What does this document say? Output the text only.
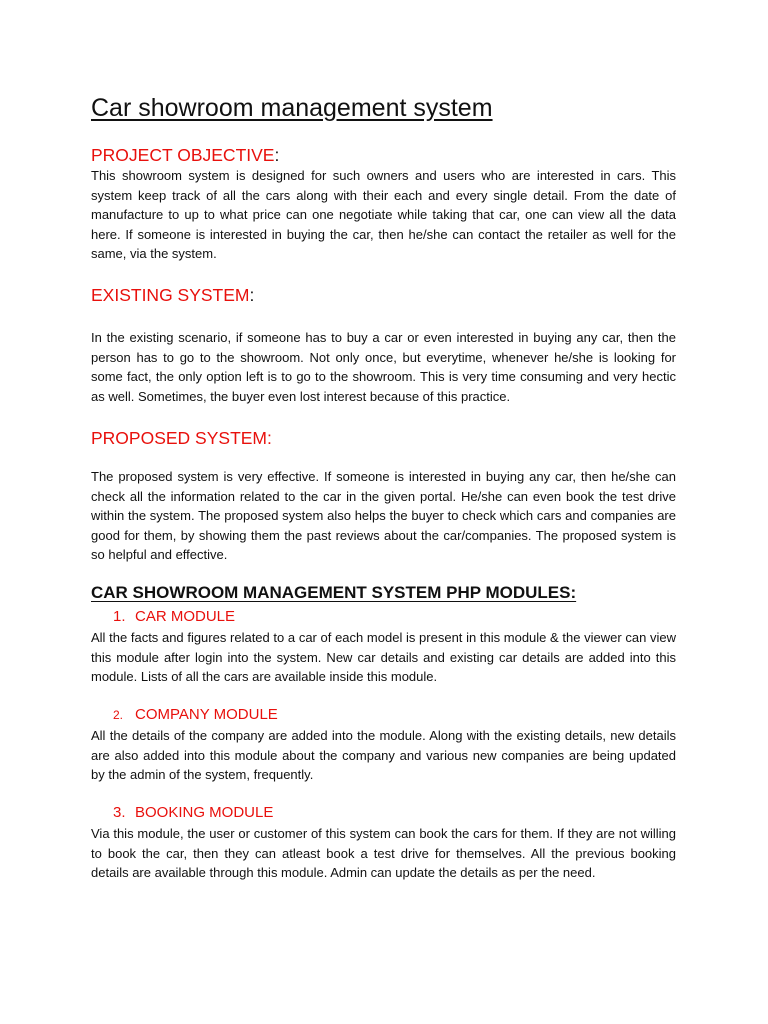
Car showroom management system
PROJECT OBJECTIVE:

This showroom system is designed for such owners and users who are interested in cars. This system keep track of all the cars along with their each and every single detail. From the date of manufacture to up to what price can one negotiate while taking that car, one can view all the data here. If someone is interested in buying the car, then he/she can contact the retailer as well for the same, via the system.

EXISTING SYSTEM:

In the existing scenario, if someone has to buy a car or even interested in buying any car, then the person has to go to the showroom. Not only once, but everytime, whenever he/she is looking for some fact, the only option left is to go to the showroom. This is very time consuming and very hectic as well. Sometimes, the buyer even lost interest because of this practice.

PROPOSED SYSTEM:

The proposed system is very effective. If someone is interested in buying any car, then he/she can check all the information related to the car in the given portal. He/she can even book the test drive within the system. The proposed system also helps the buyer to check which cars and companies are good for them, by showing them the past reviews about the car/companies. The proposed system is so helpful and effective.

CAR SHOWROOM MANAGEMENT SYSTEM PHP MODULES:
1. CAR MODULE

All the facts and figures related to a car of each model is present in this module & the viewer can view this module after login into the system. New car details and existing car details are added into this module. Lists of all the cars are available inside this module.

2. COMPANY MODULE

All the details of the company are added into the module. Along with the existing details, new details are also added into this module about the company and various new companies are being updated by the admin of the system, frequently.

3. BOOKING MODULE

Via this module, the user or customer of this system can book the cars for them. If they are not willing to book the car, then they can atleast book a test drive for themselves. All the previous booking details are available through this module. Admin can update the details as per the need.
